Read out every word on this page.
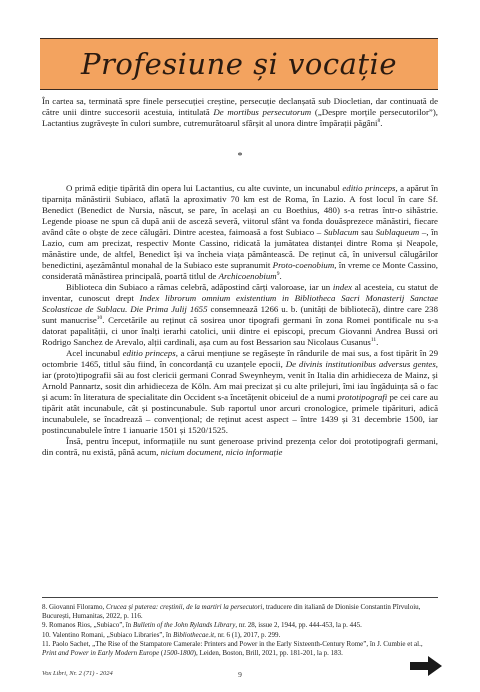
Profesiune și vocație

În cartea sa, terminată spre finele persecuției creștine, persecuție declanșată sub Diocletian, dar continuată de către unii dintre succesorii acestuia, intitulată De mortibus persecutorum („Despre morțile persecutorilor”), Lactantius zugrăvește în culori sumbre, cutremurătoarul sfârșit al unora dintre împărații păgâni$^8$.

*

O primă ediție tipărită din opera lui Lactantius, cu alte cuvinte, un incunabul editio princeps, a apărut în tiparnița mănăstirii Subiaco, aflată la aproximativ 70 km est de Roma, în Lazio. A fost locul în care Sf. Benedict (Benedict de Nursia, născut, se pare, în același an cu Boethius, 480) s-a retras într-o sihăstrie. Legende pioase ne spun că după anii de asceză severă, viitorul sfânt va fonda douăsprezece mănăstiri, fiecare având câte o obște de zece călugări. Dintre acestea, faimoasă a fost Subiaco – Sublacum sau Sublaqueum –, în Lazio, cum am precizat, respectiv Monte Cassino, ridicată la jumătatea distanței dintre Roma și Neapole, mănăstire unde, de altfel, Benedict își va încheia viața pământească. De reținut că, în universul călugărilor benedictini, așezământul monahal de la Subiaco este supranumit Proto-coenobium, în vreme ce Monte Cassino, considerată mănăstirea principală, poartă titlul de Archicoenobium$^9$.

Biblioteca din Subiaco a rămas celebră, adăpostind cărți valoroase, iar un index al acesteia, cu statut de inventar, cunoscut drept Index librorum omnium existentium in Bibliotheca Sacri Monasterij Sanctae Scolasticae de Sublacu. Die Prima Julij 1655 consemnează 1266 u. b. (unități de bibliotecă), dintre care 238 sunt manucrise$^{10}$. Cercetările au reținut că sosirea unor tipografi germani în zona Romei pontificale nu s-a datorat papalității, ci unor înalți ierarhi catolici, unii dintre ei episcopi, precum Giovanni Andrea Bussi ori Rodrigo Sanchez de Arevalo, alții cardinali, așa cum au fost Bessarion sau Nicolaus Cusanus$^{11}$.

Acel incunabul editio princeps, a cărui mențiune se regăsește în rândurile de mai sus, a fost tipărit în 29 octombrie 1465, titlul său fiind, în concordanță cu uzanțele epocii, De divinis institutionibus adversus gentes, iar (proto)tipografii săi au fost clericii germani Conrad Sweynheym, venit în Italia din arhidieceza de Mainz, și Arnold Pannartz, sosit din arhidieceza de Köln. Am mai precizat și cu alte prilejuri, îmi iau îngăduința să o fac și acum: în literatura de specialitate din Occident s-a încetățenit obiceiul de a numi prototipografi pe cei care au tipărit atât incunabule, cât și postincunabule. Sub raportul unor arcuri cronologice, primele tipărituri, adică incunabulele, se încadrează – convențional; de reținut acest aspect – între 1439 și 31 decembrie 1500, iar postincunabulele între 1 ianuarie 1501 și 1520/1525.

Însă, pentru început, informațiile nu sunt generoase privind prezența celor doi prototipografi germani, din contră, nu există, până acum, nicium document, nicio informație

8. Giovanni Filoramo, Crucea și puterea: creștinii, de la martiri la persecutori, traducere din italiană de Dionisie Constantin Pîrvuloiu, București, Humanitas, 2022, p. 116.

9. Romanos Rios, „Subiaco”, în Bulletin of the John Rylands Library, nr. 28, issue 2, 1944, pp. 444-453, la p. 445.

10. Valentino Romani, „Subiaco Libraries”, în Bibliothecae.it, nr. 6 (1), 2017, p. 299.

11. Paolo Sachet, „The Rise of the Stampatore Camerale: Printers and Power in the Early Sixteenth-Century Rome”, în J. Cumbie et al., Print and Power in Early Modern Europe (1500-1800), Leiden, Boston, Brill, 2021, pp. 181-201, la p. 183.

Vox Libri, Nr. 2 (71) - 2024	9
